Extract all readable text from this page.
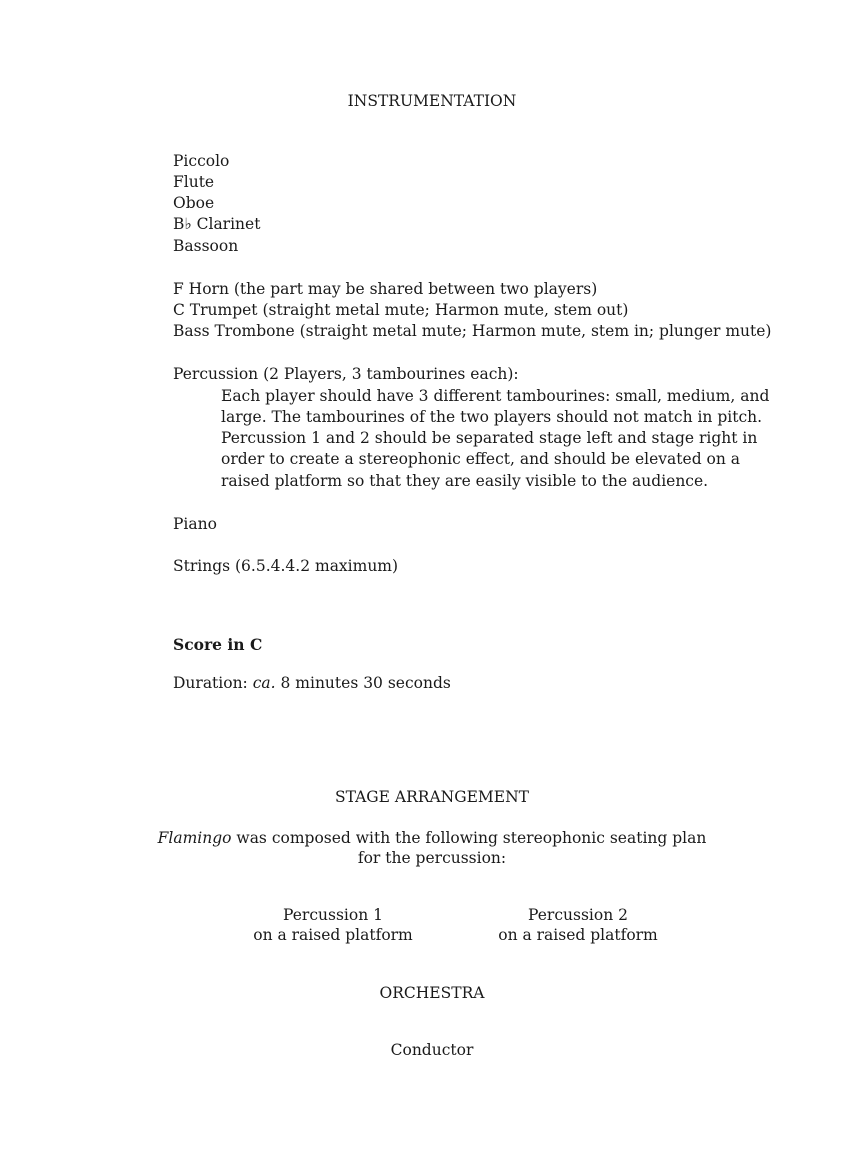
INSTRUMENTATION
Piccolo
Flute
Oboe
B♭ Clarinet
Bassoon
F Horn (the part may be shared between two players)
C Trumpet (straight metal mute; Harmon mute, stem out)
Bass Trombone (straight metal mute; Harmon mute, stem in; plunger mute)
Percussion (2 Players, 3 tambourines each):
Each player should have 3 different tambourines: small, medium, and
large. The tambourines of the two players should not match in pitch.
Percussion 1 and 2 should be separated stage left and stage right in
order to create a stereophonic effect, and should be elevated on a
raised platform so that they are easily visible to the audience.
Piano
Strings (6.5.4.4.2 maximum)
Score in C
Duration: ca. 8 minutes 30 seconds
STAGE ARRANGEMENT
Flamingo was composed with the following stereophonic seating plan
for the percussion:
Percussion 1
on a raised platform
Percussion 2
on a raised platform
ORCHESTRA
Conductor
